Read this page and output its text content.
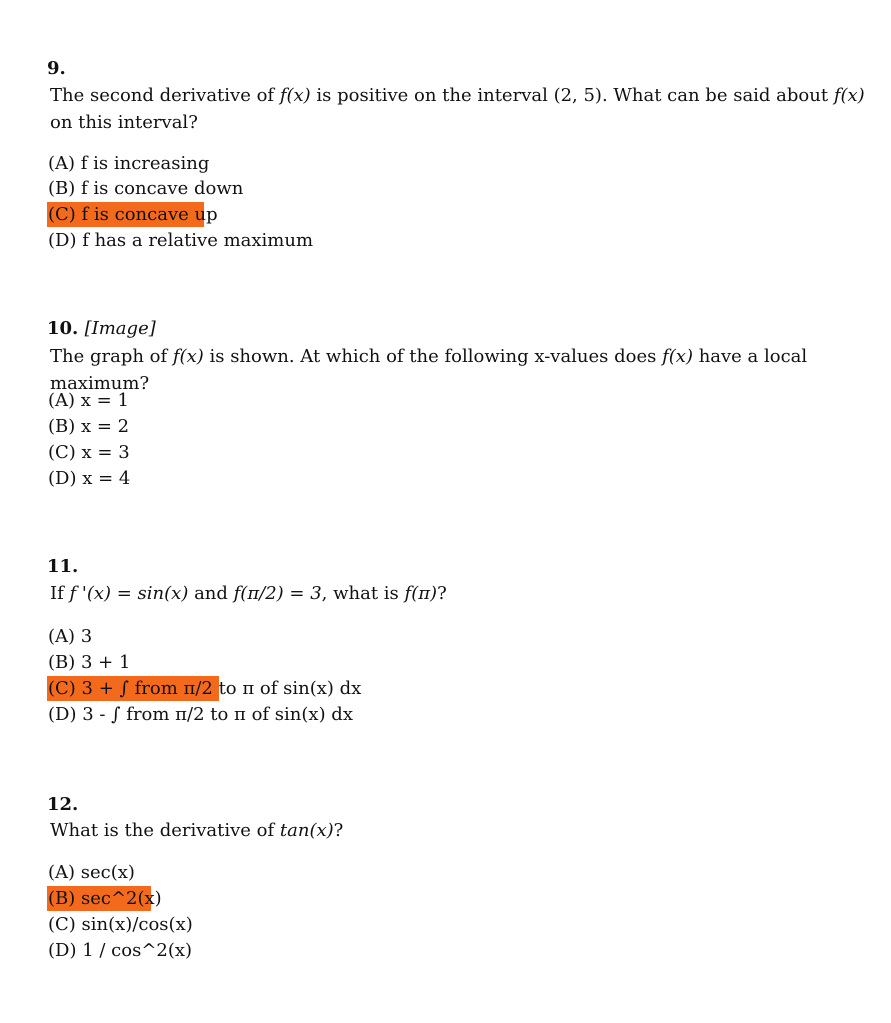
9.
The second derivative of f(x) is positive on the interval (2, 5). What can be said about f(x) on this interval?
(A) f is increasing
(B) f is concave down
(C) f is concave up
(D) f has a relative maximum
10. [Image]
The graph of f(x) is shown. At which of the following x-values does f(x) have a local maximum?
(A) x = 1
(B) x = 2
(C) x = 3
(D) x = 4
11.
If f '(x) = sin(x) and f(π/2) = 3, what is f(π)?
(A) 3
(B) 3 + 1
(C) 3 + ∫ from π/2 to π of sin(x) dx
(D) 3 - ∫ from π/2 to π of sin(x) dx
12.
What is the derivative of tan(x)?
(A) sec(x)
(B) sec^2(x)
(C) sin(x)/cos(x)
(D) 1 / cos^2(x)
